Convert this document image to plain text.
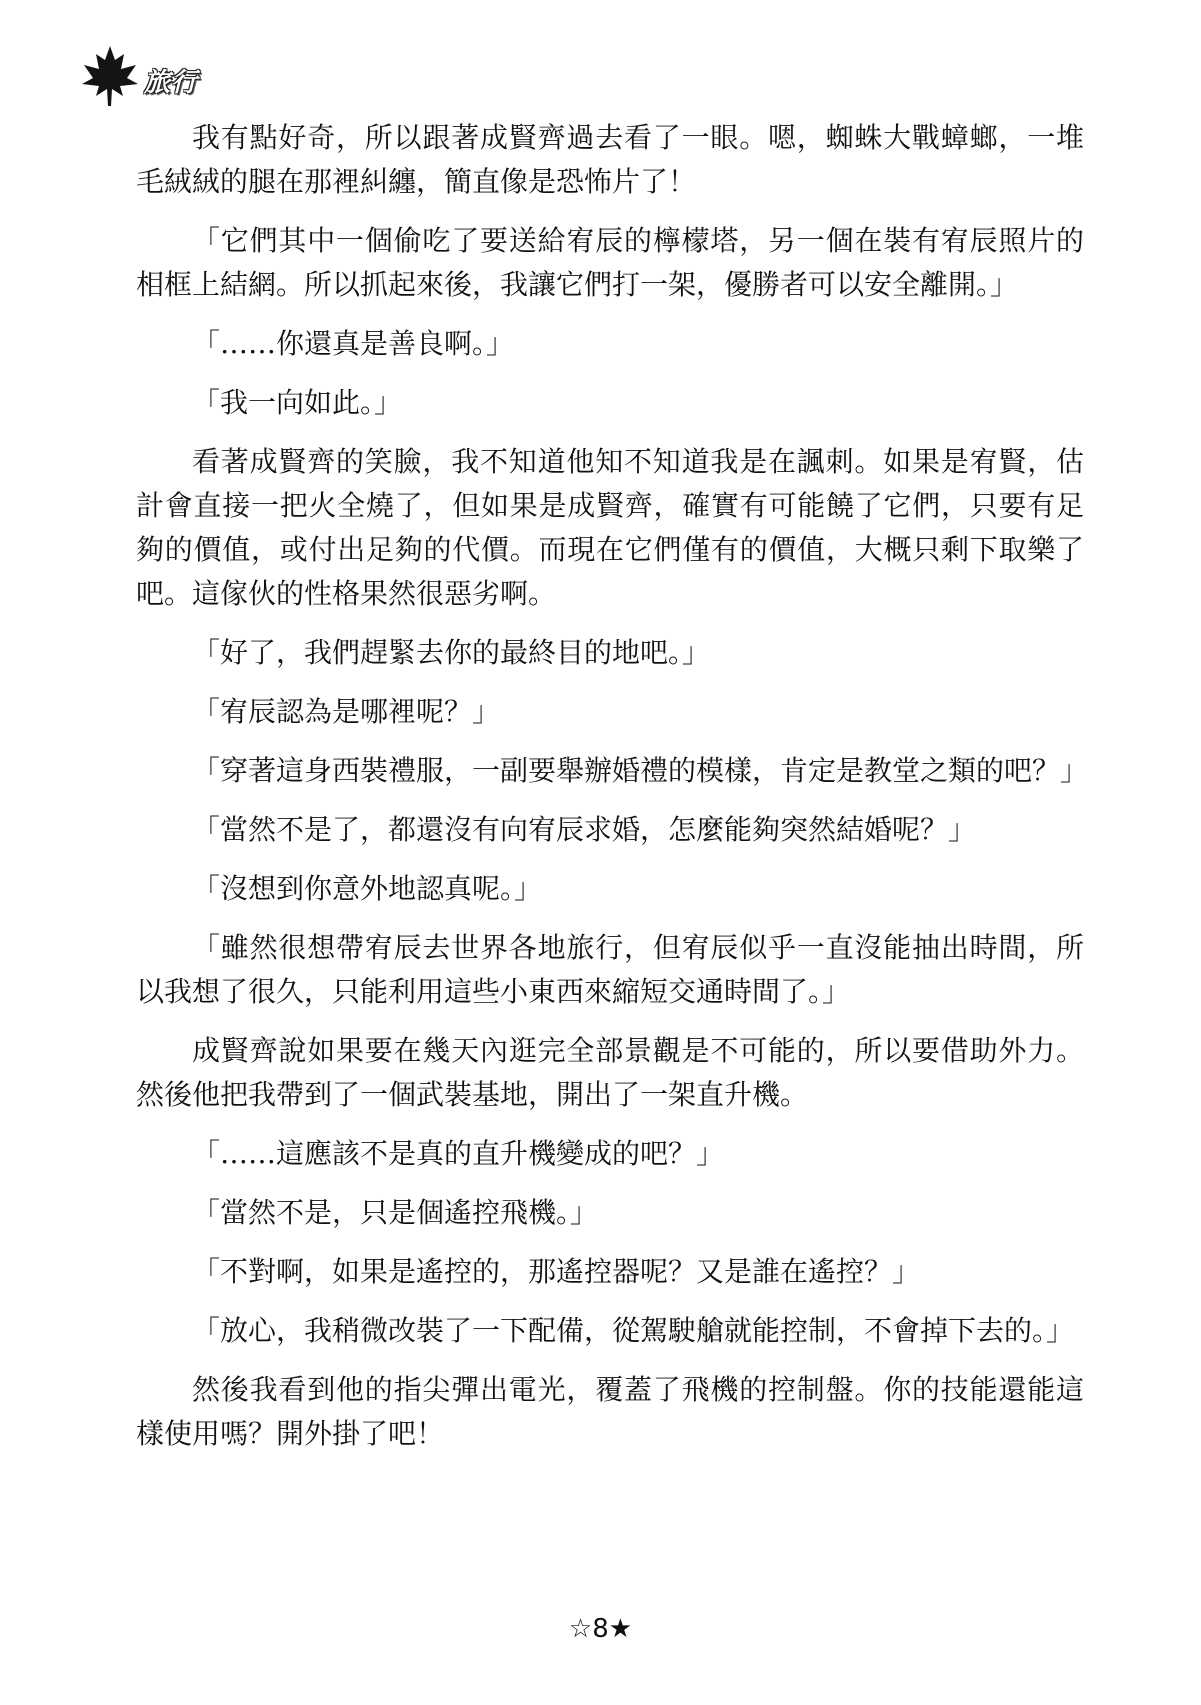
旅行

我有點好奇，所以跟著成賢齊過去看了一眼。嗯，蜘蛛大戰蟑螂，一堆毛絨絨的腿在那裡糾纏，簡直像是恐怖片了！

「它們其中一個偷吃了要送給宥辰的檸檬塔，另一個在裝有宥辰照片的相框上結網。所以抓起來後，我讓它們打一架，優勝者可以安全離開。」

「……你還真是善良啊。」

「我一向如此。」

看著成賢齊的笑臉，我不知道他知不知道我是在諷刺。如果是宥賢，估計會直接一把火全燒了，但如果是成賢齊，確實有可能饒了它們，只要有足夠的價值，或付出足夠的代價。而現在它們僅有的價值，大概只剩下取樂了吧。這傢伙的性格果然很惡劣啊。

「好了，我們趕緊去你的最終目的地吧。」

「宥辰認為是哪裡呢？」

「穿著這身西裝禮服，一副要舉辦婚禮的模樣，肯定是教堂之類的吧？」

「當然不是了，都還沒有向宥辰求婚，怎麼能夠突然結婚呢？」

「沒想到你意外地認真呢。」

「雖然很想帶宥辰去世界各地旅行，但宥辰似乎一直沒能抽出時間，所以我想了很久，只能利用這些小東西來縮短交通時間了。」

成賢齊說如果要在幾天內逛完全部景觀是不可能的，所以要借助外力。然後他把我帶到了一個武裝基地，開出了一架直升機。

「……這應該不是真的直升機變成的吧？」

「當然不是，只是個遙控飛機。」

「不對啊，如果是遙控的，那遙控器呢？又是誰在遙控？」

「放心，我稍微改裝了一下配備，從駕駛艙就能控制，不會掉下去的。」

然後我看到他的指尖彈出電光，覆蓋了飛機的控制盤。你的技能還能這樣使用嗎？開外掛了吧！

☆8★
